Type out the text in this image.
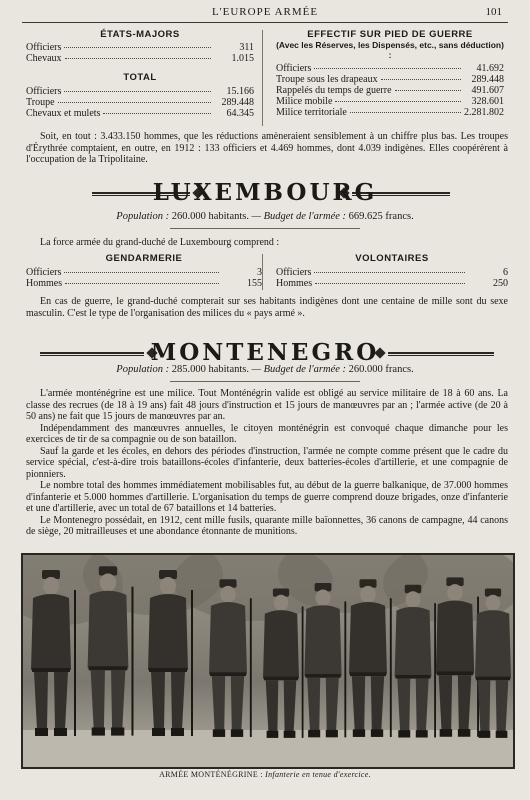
L'EUROPE ARMÉE	101
ÉTATS-MAJORS
Officiers	311
Chevaux	1.015
TOTAL
Officiers	15.166
Troupe	289.448
Chevaux et mulets	64.345
EFFECTIF SUR PIED DE GUERRE
(Avec les Réserves, les Dispensés, etc., sans déduction) :
Officiers	41.692
Troupe sous les drapeaux	289.448
Rappelés du temps de guerre	491.607
Milice mobile	328.601
Milice territoriale	2.281.802
Soit, en tout : 3.433.150 hommes, que les réductions amèneraient sensiblement à un chiffre plus bas. Les troupes d'Érythrée comptaient, en outre, en 1912 : 133 officiers et 4.469 hommes, dont 4.039 indigènes. Elles coopérèrent à l'occupation de la Tripolitaine.
LUXEMBOURG
Population : 260.000 habitants. — Budget de l'armée : 669.625 francs.
La force armée du grand-duché de Luxembourg comprend :
GENDARMERIE
Officiers	3
Hommes	155
VOLONTAIRES
Officiers	6
Hommes	250
En cas de guerre, le grand-duché compterait sur ses habitants indigènes dont une centaine de mille sont du sexe masculin. C'est le type de l'organisation des milices du « pays armé ».
MONTENEGRO
Population : 285.000 habitants. — Budget de l'armée : 260.000 francs.
L'armée monténégrine est une milice. Tout Monténégrin valide est obligé au service militaire de 18 à 60 ans. La classe des recrues (de 18 à 19 ans) fait 48 jours d'instruction et 15 jours de manœuvres par an ; l'armée active (de 20 à 50 ans) ne fait que 15 jours de manœuvres par an.
Indépendamment des manœuvres annuelles, le citoyen monténégrin est convoqué chaque dimanche pour les exercices de tir de sa compagnie ou de son bataillon.
Sauf la garde et les écoles, en dehors des périodes d'instruction, l'armée ne compte comme présent que le cadre du service spécial, c'est-à-dire trois bataillons-écoles d'infanterie, deux batteries-écoles d'artillerie, et une compagnie de pionniers.
Le nombre total des hommes immédiatement mobilisables fut, au début de la guerre balkanique, de 37.000 hommes d'infanterie et 5.000 hommes d'artillerie. L'organisation du temps de guerre comprend douze brigades, onze d'infanterie et une d'artillerie, avec un total de 67 bataillons et 14 batteries.
Le Montenegro possédait, en 1912, cent mille fusils, quarante mille baïonnettes, 36 canons de campagne, 44 canons de siège, 20 mitrailleuses et une abondance étonnante de munitions.
ARMÉE MONTÉNÉGRINE : Infanterie en tenue d'exercice.
